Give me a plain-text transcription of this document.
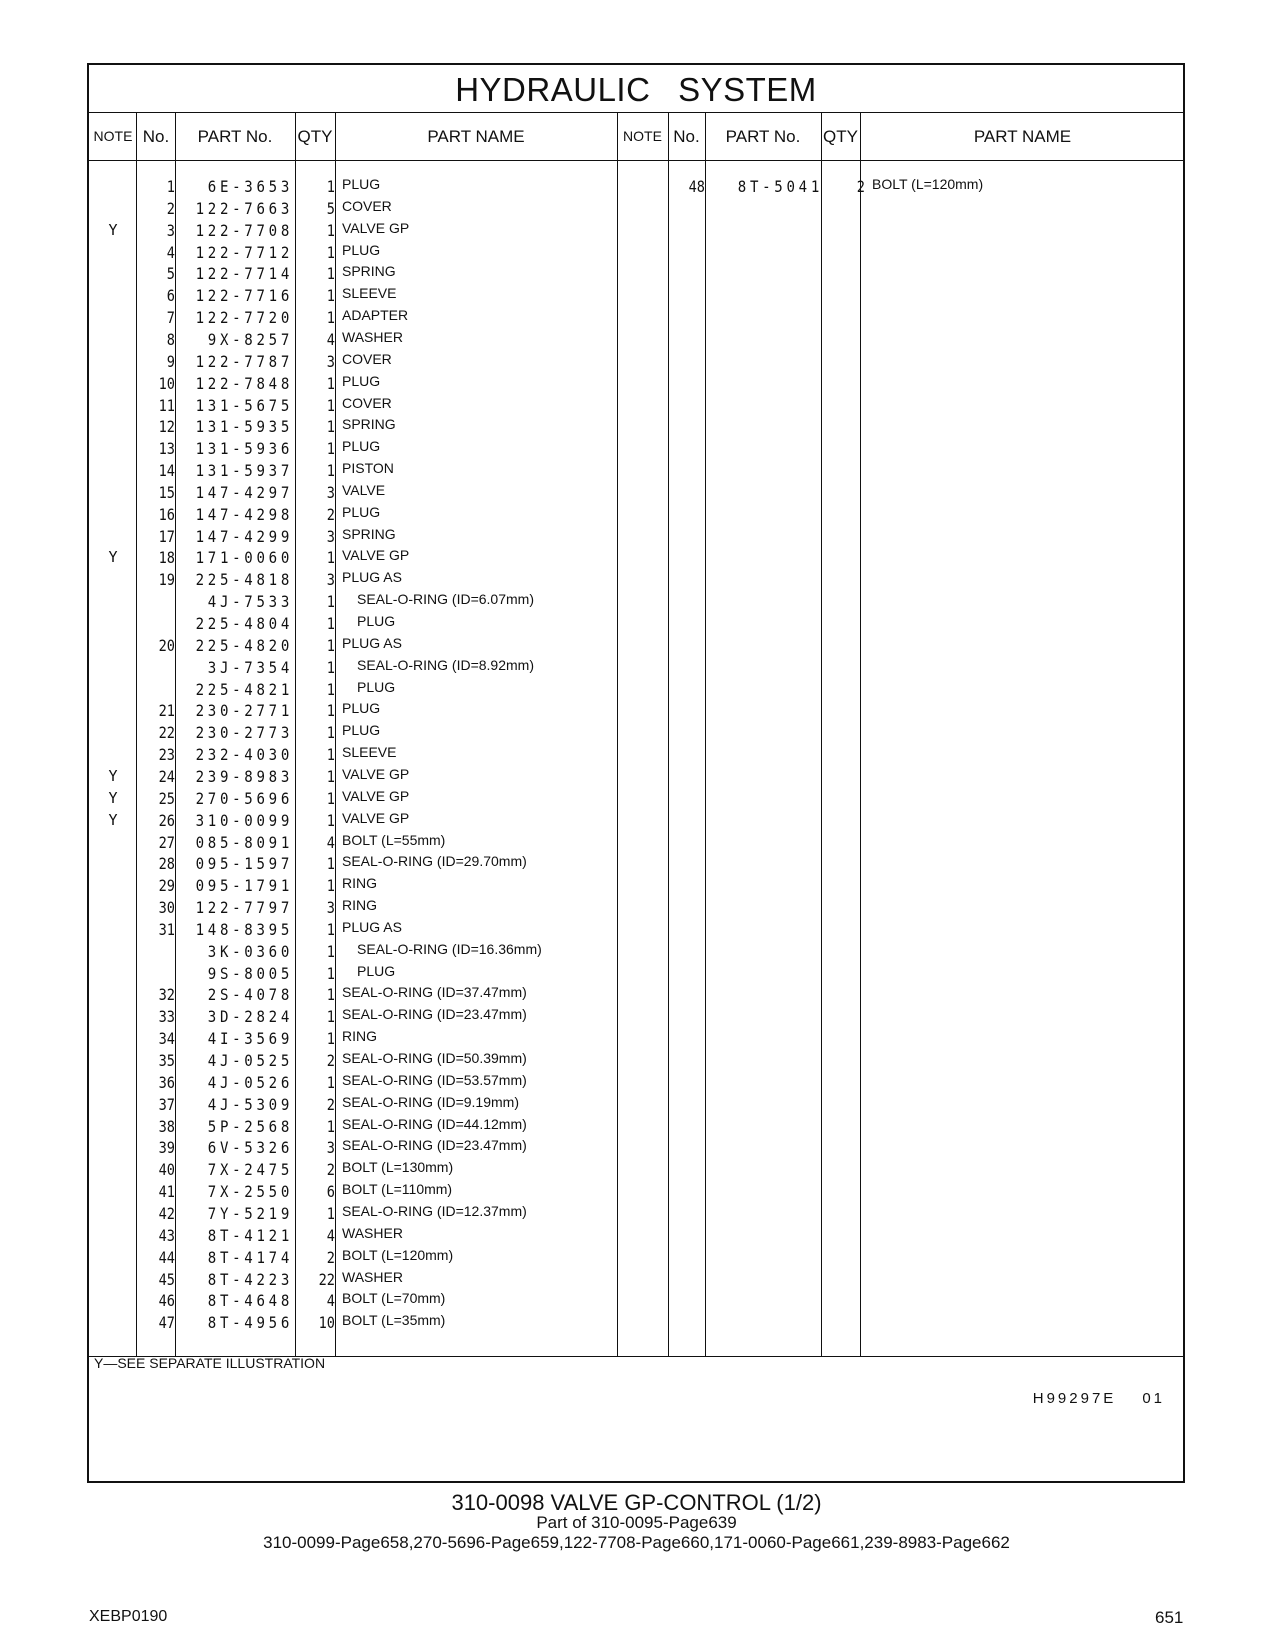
HYDRAULIC SYSTEM
NOTE No.	PART No.	QTY	PART NAME	NOTE No.	PART No.	QTY	PART NAME
1	6E-3653	1 PLUG
2	122-7663	5 COVER
Y	3	122-7708	1 VALVE GP
4	122-7712	1 PLUG
5	122-7714	1 SPRING
6	122-7716	1 SLEEVE
7	122-7720	1 ADAPTER
8	9X-8257	4 WASHER
9	122-7787	3 COVER
10	122-7848	1 PLUG
11	131-5675	1 COVER
12	131-5935	1 SPRING
13	131-5936	1 PLUG
14	131-5937	1 PISTON
15	147-4297	3 VALVE
16	147-4298	2 PLUG
17	147-4299	3 SPRING
Y	18	171-0060	1 VALVE GP
19	225-4818	3 PLUG AS
4J-7533	1 SEAL-O-RING (ID=6.07mm)
225-4804	1 PLUG
20	225-4820	1 PLUG AS
3J-7354	1 SEAL-O-RING (ID=8.92mm)
225-4821	1 PLUG
21	230-2771	1 PLUG
22	230-2773	1 PLUG
23	232-4030	1 SLEEVE
Y	24	239-8983	1 VALVE GP
Y	25	270-5696	1 VALVE GP
Y	26	310-0099	1 VALVE GP
27	085-8091	4 BOLT (L=55mm)
28	095-1597	1 SEAL-O-RING (ID=29.70mm)
29	095-1791	1 RING
30	122-7797	3 RING
31	148-8395	1 PLUG AS
3K-0360	1 SEAL-O-RING (ID=16.36mm)
9S-8005	1 PLUG
32	2S-4078	1 SEAL-O-RING (ID=37.47mm)
33	3D-2824	1 SEAL-O-RING (ID=23.47mm)
34	4I-3569	1 RING
35	4J-0525	2 SEAL-O-RING (ID=50.39mm)
36	4J-0526	1 SEAL-O-RING (ID=53.57mm)
37	4J-5309	2 SEAL-O-RING (ID=9.19mm)
38	5P-2568	1 SEAL-O-RING (ID=44.12mm)
39	6V-5326	3 SEAL-O-RING (ID=23.47mm)
40	7X-2475	2 BOLT (L=130mm)
41	7X-2550	6 BOLT (L=110mm)
42	7Y-5219	1 SEAL-O-RING (ID=12.37mm)
43	8T-4121	4 WASHER
44	8T-4174	2 BOLT (L=120mm)
45	8T-4223	22 WASHER
46	8T-4648	4 BOLT (L=70mm)
47	8T-4956	10 BOLT (L=35mm)
48	8T-5041	2 BOLT (L=120mm)
Y—SEE SEPARATE ILLUSTRATION
H99297E 01
310-0098 VALVE GP-CONTROL (1/2)
Part of 310-0095-Page639
310-0099-Page658,270-5696-Page659,122-7708-Page660,171-0060-Page661,239-8983-Page662
XEBP0190	651
